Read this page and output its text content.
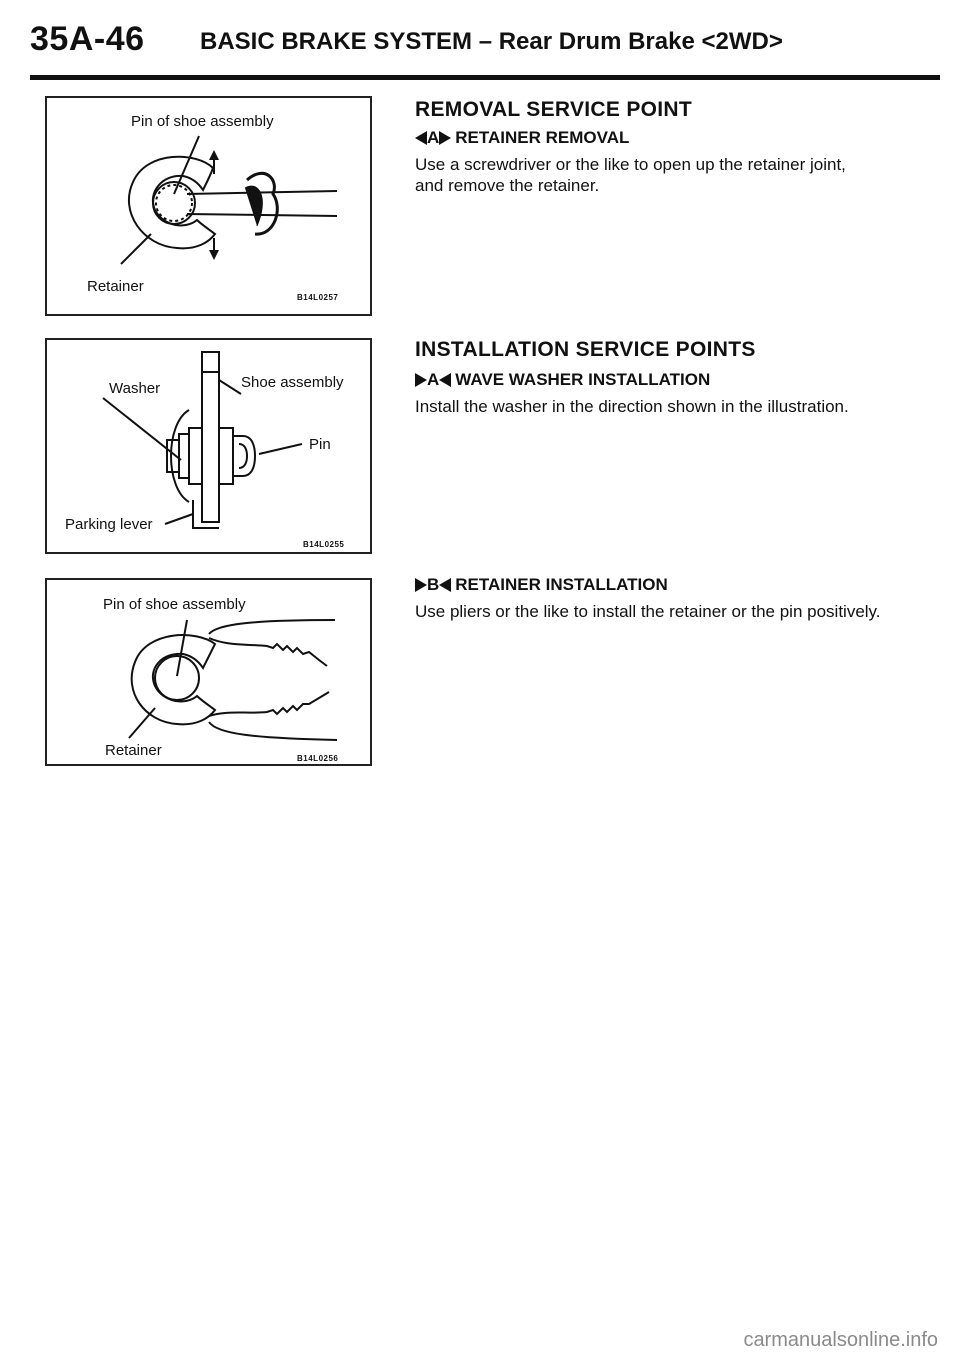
35A-46 BASIC BRAKE SYSTEM – Rear Drum Brake <2WD>
Pin of shoe assembly
Retainer
B14L0257
Washer	Shoe assembly
Pin
Parking lever
B14L0255
Pin of shoe assembly
Retainer	B14L0256
REMOVAL SERVICE POINT
A RETAINER REMOVAL

Use a screwdriver or the like to open up the retainer joint,

and remove the retainer.

INSTALLATION SERVICE POINTS
A WAVE WASHER INSTALLATION

Install the washer in the direction shown in the illustration.

B RETAINER INSTALLATION

Use pliers or the like to install the retainer or the pin positively.

carmanualsonline.info
